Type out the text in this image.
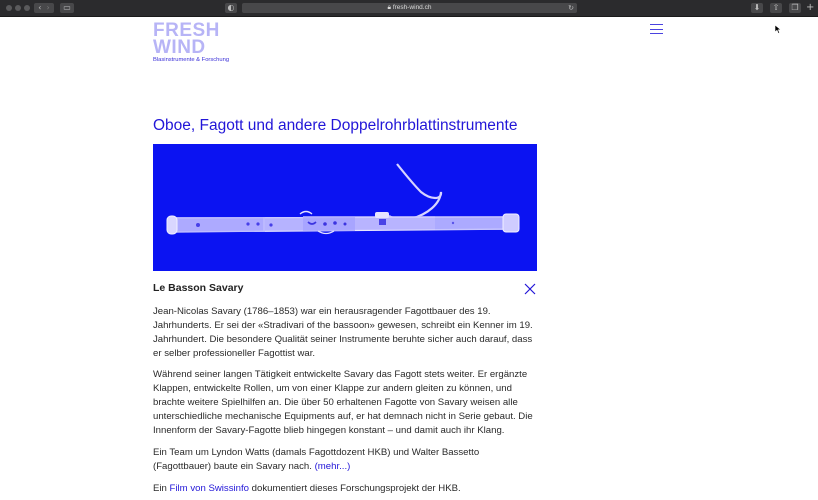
‹ ›	▭	◐	🔒︎ fresh-wind.ch	↻	⬇	⇧	❐ +
FRESH
WIND
Blasinstrumente & Forschung
Oboe, Fagott und andere Doppelrohrblattinstrumente
Le Basson Savary

Jean-Nicolas Savary (1786–1853) war ein herausragender Fagottbauer des 19. Jahrhunderts. Er sei der «Stradivari of the bassoon» gewesen, schreibt ein Kenner im 19. Jahrhundert. Die besondere Qualität seiner Instrumente beruhte sicher auch darauf, dass er selber professioneller Fagottist war.

Während seiner langen Tätigkeit entwickelte Savary das Fagott stets weiter. Er ergänzte Klappen, entwickelte Rollen, um von einer Klappe zur andern gleiten zu können, und brachte weitere Spielhilfen an. Die über 50 erhaltenen Fagotte von Savary weisen alle unterschiedliche mechanische Equipments auf, er hat demnach nicht in Serie gebaut. Die Innenform der Savary-Fagotte blieb hingegen konstant – und damit auch ihr Klang.

Ein Team um Lyndon Watts (damals Fagottdozent HKB) und Walter Bassetto (Fagottbauer) baute ein Savary nach. (mehr...)

Ein Film von Swissinfo dokumentiert dieses Forschungsprojekt der HKB.
